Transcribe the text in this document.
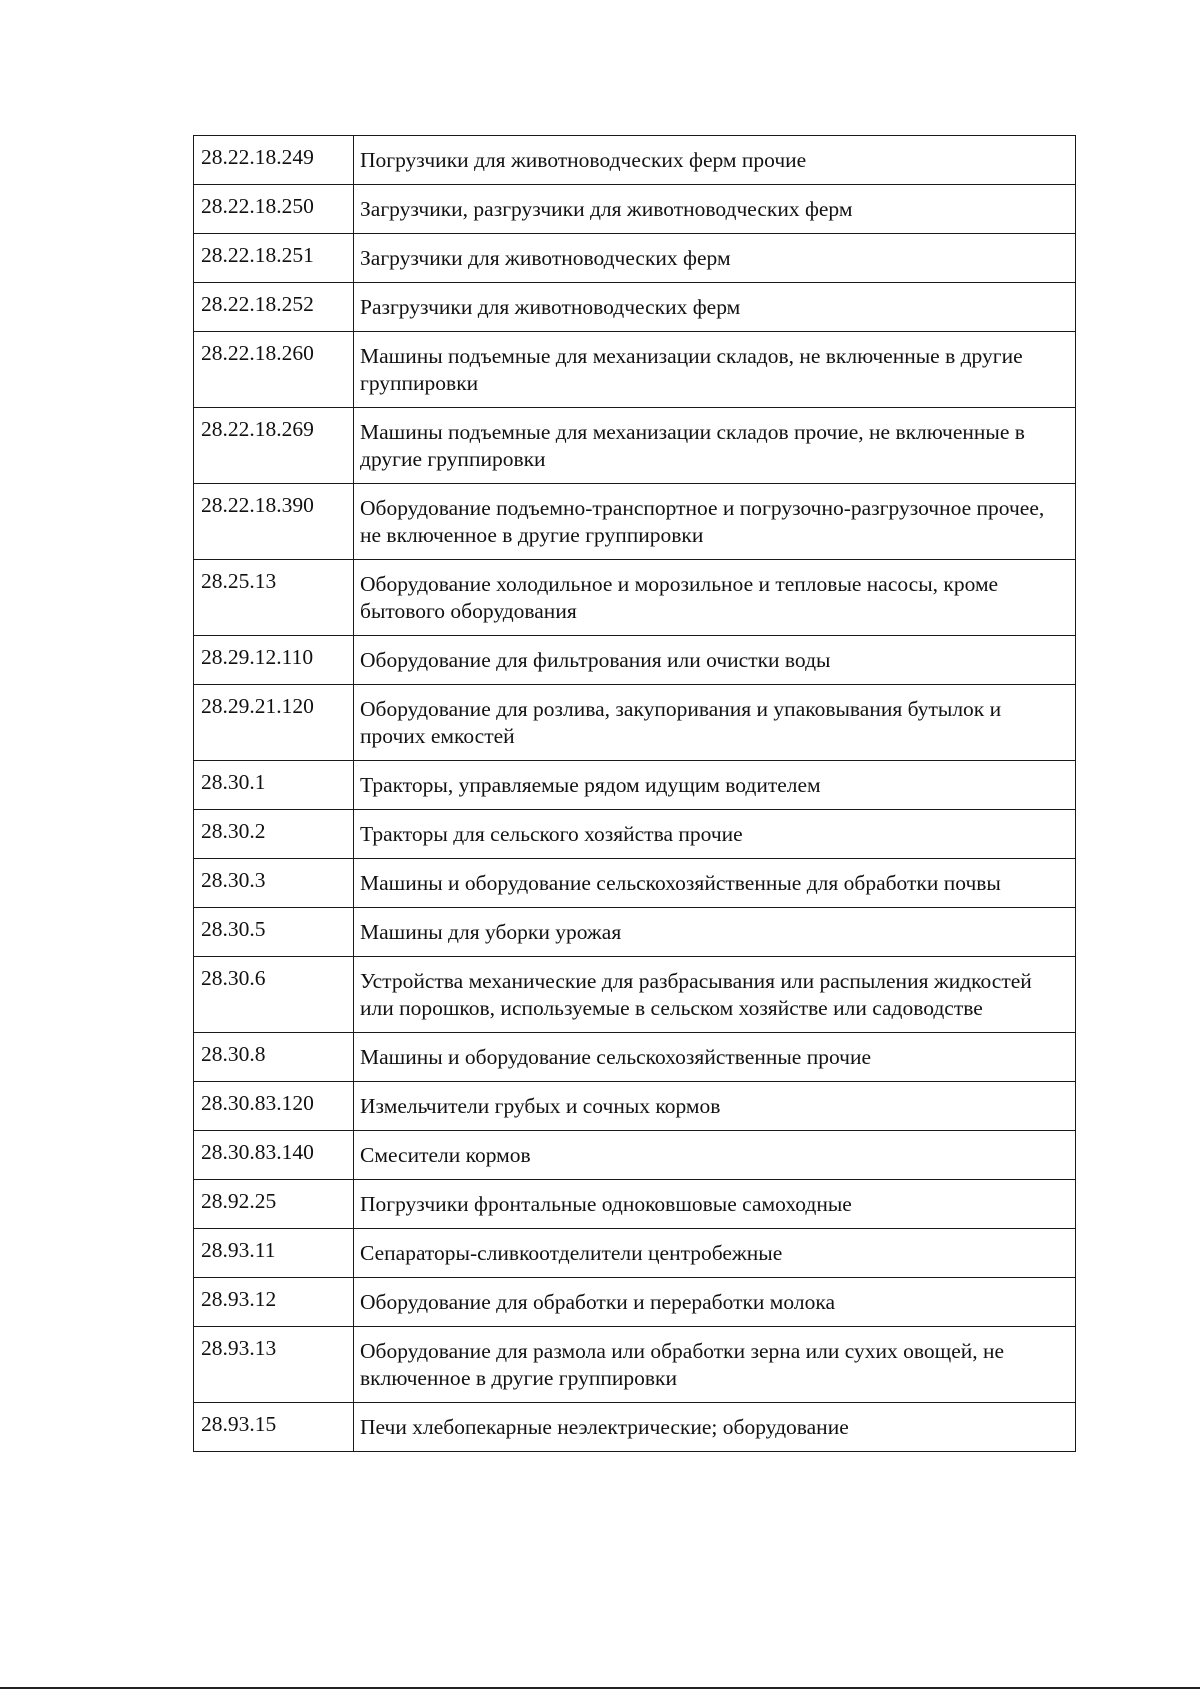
28.22.18.249	Погрузчики для животноводческих ферм прочие
28.22.18.250	Загрузчики, разгрузчики для животноводческих ферм
28.22.18.251	Загрузчики для животноводческих ферм
28.22.18.252	Разгрузчики для животноводческих ферм
28.22.18.260	Машины подъемные для механизации складов, не включенные в другие группировки
28.22.18.269	Машины подъемные для механизации складов прочие, не включенные в другие группировки
28.22.18.390	Оборудование подъемно-транспортное и погрузочно-разгрузочное прочее, не включенное в другие группировки
28.25.13	Оборудование холодильное и морозильное и тепловые насосы, кроме бытового оборудования
28.29.12.110	Оборудование для фильтрования или очистки воды
28.29.21.120	Оборудование для розлива, закупоривания и упаковывания бутылок и прочих емкостей
28.30.1	Тракторы, управляемые рядом идущим водителем
28.30.2	Тракторы для сельского хозяйства прочие
28.30.3	Машины и оборудование сельскохозяйственные для обработки почвы
28.30.5	Машины для уборки урожая
28.30.6	Устройства механические для разбрасывания или распыления жидкостей или порошков, используемые в сельском хозяйстве или садоводстве
28.30.8	Машины и оборудование сельскохозяйственные прочие
28.30.83.120	Измельчители грубых и сочных кормов
28.30.83.140	Смесители кормов
28.92.25	Погрузчики фронтальные одноковшовые самоходные
28.93.11	Сепараторы-сливкоотделители центробежные
28.93.12	Оборудование для обработки и переработки молока
28.93.13	Оборудование для размола или обработки зерна или сухих овощей, не включенное в другие группировки
28.93.15	Печи хлебопекарные неэлектрические; оборудование
